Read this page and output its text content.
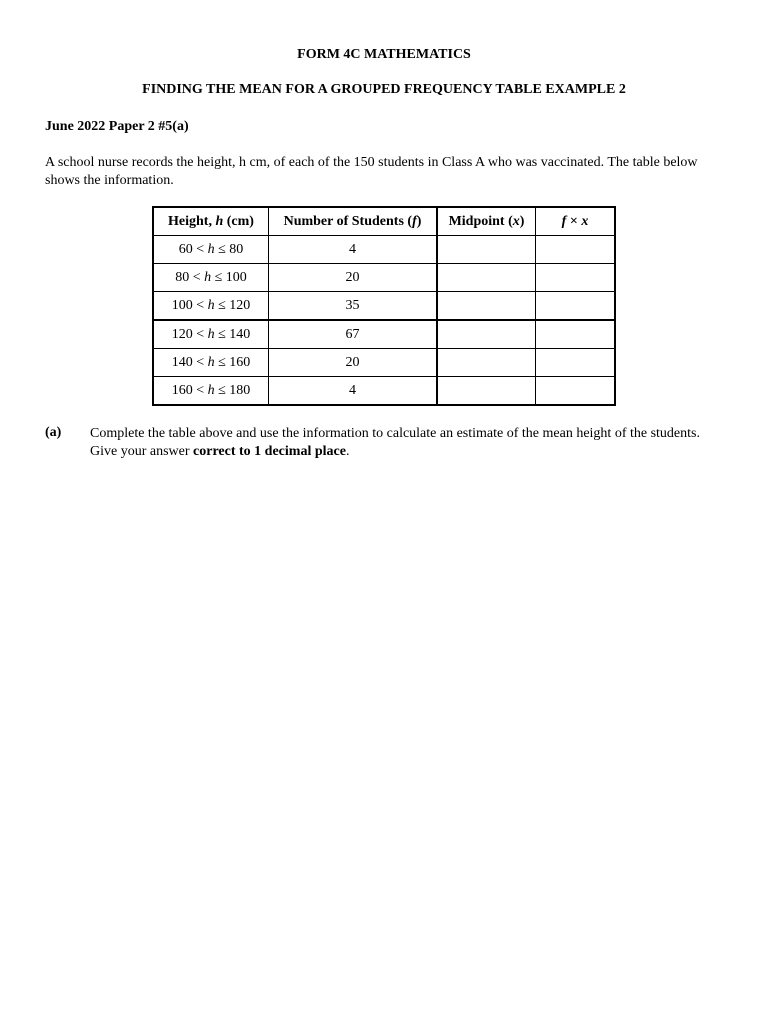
FORM 4C MATHEMATICS
FINDING THE MEAN FOR A GROUPED FREQUENCY TABLE EXAMPLE 2
June 2022 Paper 2 #5(a)
A school nurse records the height, h cm, of each of the 150 students in Class A who was vaccinated. The table below shows the information.
Height, h (cm)	Number of Students (f)	Midpoint (x)	f × x
60 < h ≤ 80	4		
80 < h ≤ 100	20		
100 < h ≤ 120	35		
120 < h ≤ 140	67		
140 < h ≤ 160	20		
160 < h ≤ 180	4		
(a) Complete the table above and use the information to calculate an estimate of the mean height of the students. Give your answer correct to 1 decimal place.
